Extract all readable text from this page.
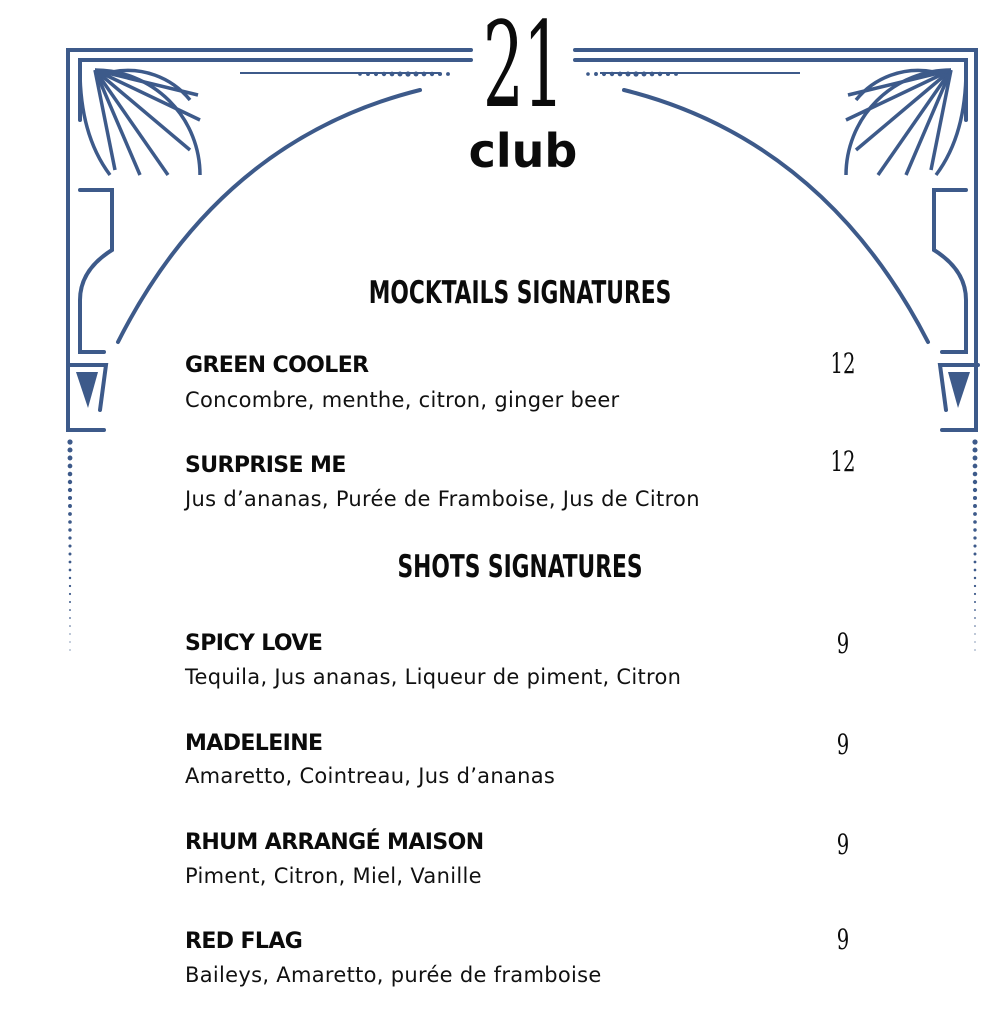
21
club
MOCKTAILS SIGNATURES
GREEN COOLER	12
Concombre, menthe, citron, ginger beer
SURPRISE ME	12
Jus d’ananas, Purée de Framboise, Jus de Citron
SHOTS SIGNATURES
SPICY LOVE	9
Tequila, Jus ananas, Liqueur de piment, Citron
MADELEINE	9
Amaretto, Cointreau, Jus d’ananas
RHUM ARRANGÉ MAISON	9
Piment, Citron, Miel, Vanille
RED FLAG	9
Baileys, Amaretto, purée de framboise
